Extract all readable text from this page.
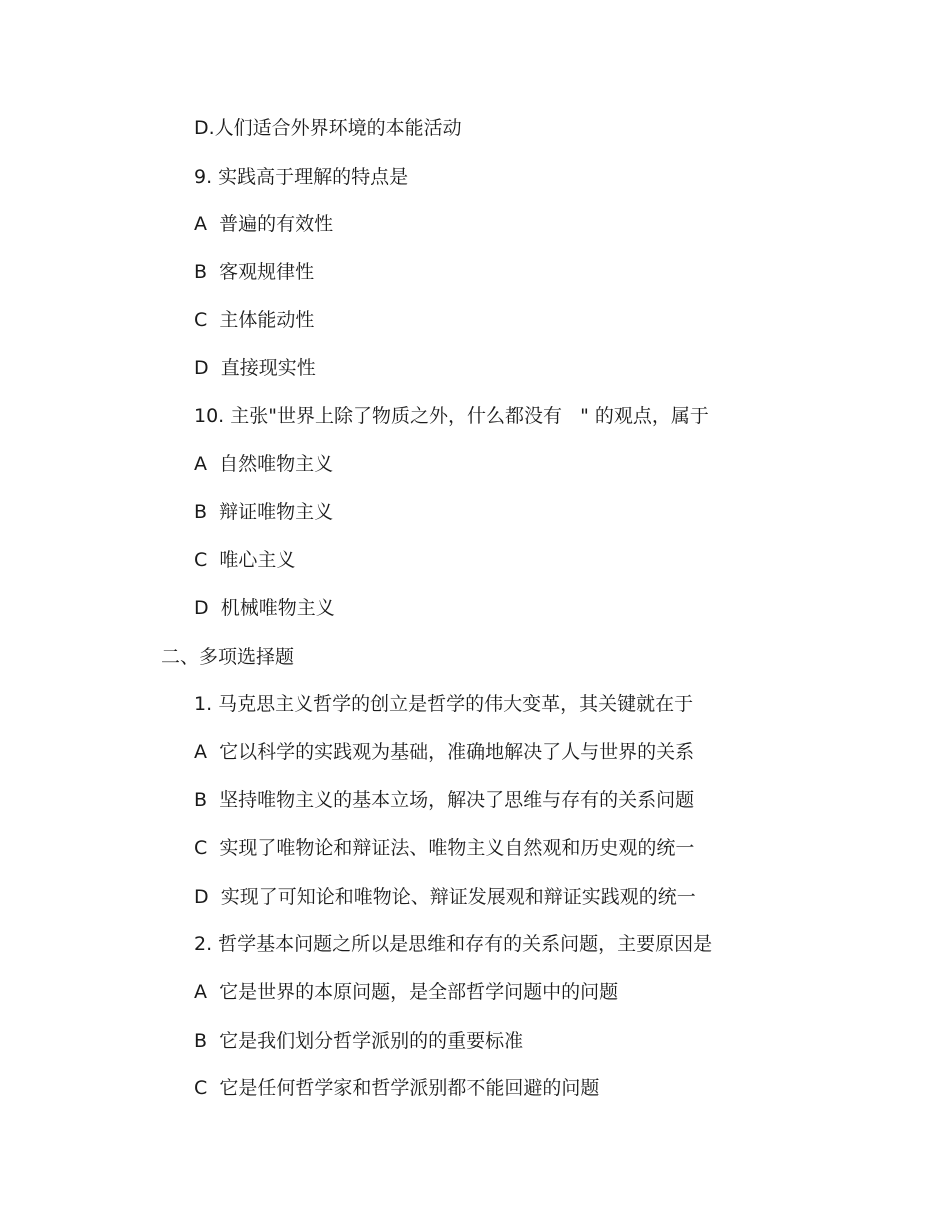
D.人们适合外界环境的本能活动
9. 实践高于理解的特点是
A  普遍的有效性
B  客观规律性
C  主体能动性
D  直接现实性
10. 主张"世界上除了物质之外，什么都没有   " 的观点，属于
A  自然唯物主义
B  辩证唯物主义
C  唯心主义
D  机械唯物主义
二、多项选择题
1. 马克思主义哲学的创立是哲学的伟大变革，其关键就在于
A  它以科学的实践观为基础，准确地解决了人与世界的关系
B  坚持唯物主义的基本立场，解决了思维与存有的关系问题
C  实现了唯物论和辩证法、唯物主义自然观和历史观的统一
D  实现了可知论和唯物论、辩证发展观和辩证实践观的统一
2. 哲学基本问题之所以是思维和存有的关系问题，主要原因是
A  它是世界的本原问题，是全部哲学问题中的问题
B  它是我们划分哲学派别的的重要标准
C  它是任何哲学家和哲学派别都不能回避的问题
